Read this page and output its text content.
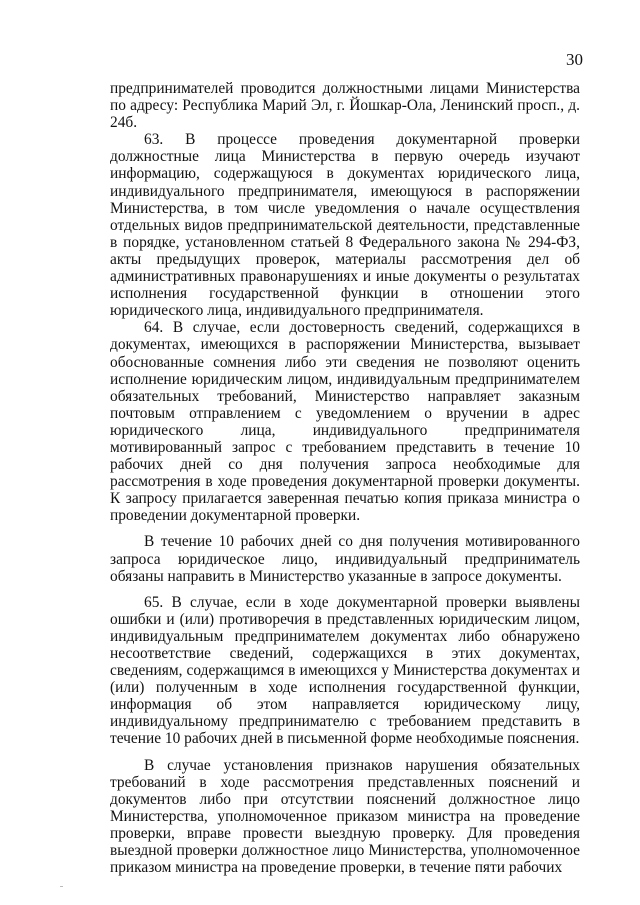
30

предпринимателей проводится должностными лицами Министерства по адресу: Республика Марий Эл, г. Йошкар-Ола, Ленинский просп., д. 24б.

63. В процессе проведения документарной проверки должностные лица Министерства в первую очередь изучают информацию, содержащуюся в документах юридического лица, индивидуального предпринимателя, имеющуюся в распоряжении Министерства, в том числе уведомления о начале осуществления отдельных видов предпринимательской деятельности, представленные в порядке, установленном статьей 8 Федерального закона № 294-ФЗ, акты предыдущих проверок, материалы рассмотрения дел об административных правонарушениях и иные документы о результатах исполнения государственной функции в отношении этого юридического лица, индивидуального предпринимателя.

64. В случае, если достоверность сведений, содержащихся в документах, имеющихся в распоряжении Министерства, вызывает обоснованные сомнения либо эти сведения не позволяют оценить исполнение юридическим лицом, индивидуальным предпринимателем обязательных требований, Министерство направляет заказным почтовым отправлением с уведомлением о вручении в адрес юридического лица, индивидуального предпринимателя мотивированный запрос с требованием представить в течение 10 рабочих дней со дня получения запроса необходимые для рассмотрения в ходе проведения документарной проверки документы. К запросу прилагается заверенная печатью копия приказа министра о проведении документарной проверки.

В течение 10 рабочих дней со дня получения мотивированного запроса юридическое лицо, индивидуальный предприниматель обязаны направить в Министерство указанные в запросе документы.

65. В случае, если в ходе документарной проверки выявлены ошибки и (или) противоречия в представленных юридическим лицом, индивидуальным предпринимателем документах либо обнаружено несоответствие сведений, содержащихся в этих документах, сведениям, содержащимся в имеющихся у Министерства документах и (или) полученным в ходе исполнения государственной функции, информация об этом направляется юридическому лицу, индивидуальному предпринимателю с требованием представить в течение 10 рабочих дней в письменной форме необходимые пояснения.

В случае установления признаков нарушения обязательных требований в ходе рассмотрения представленных пояснений и документов либо при отсутствии пояснений должностное лицо Министерства, уполномоченное приказом министра на проведение проверки, вправе провести выездную проверку. Для проведения выездной проверки должностное лицо Министерства, уполномоченное приказом министра на проведение проверки, в течение пяти рабочих
